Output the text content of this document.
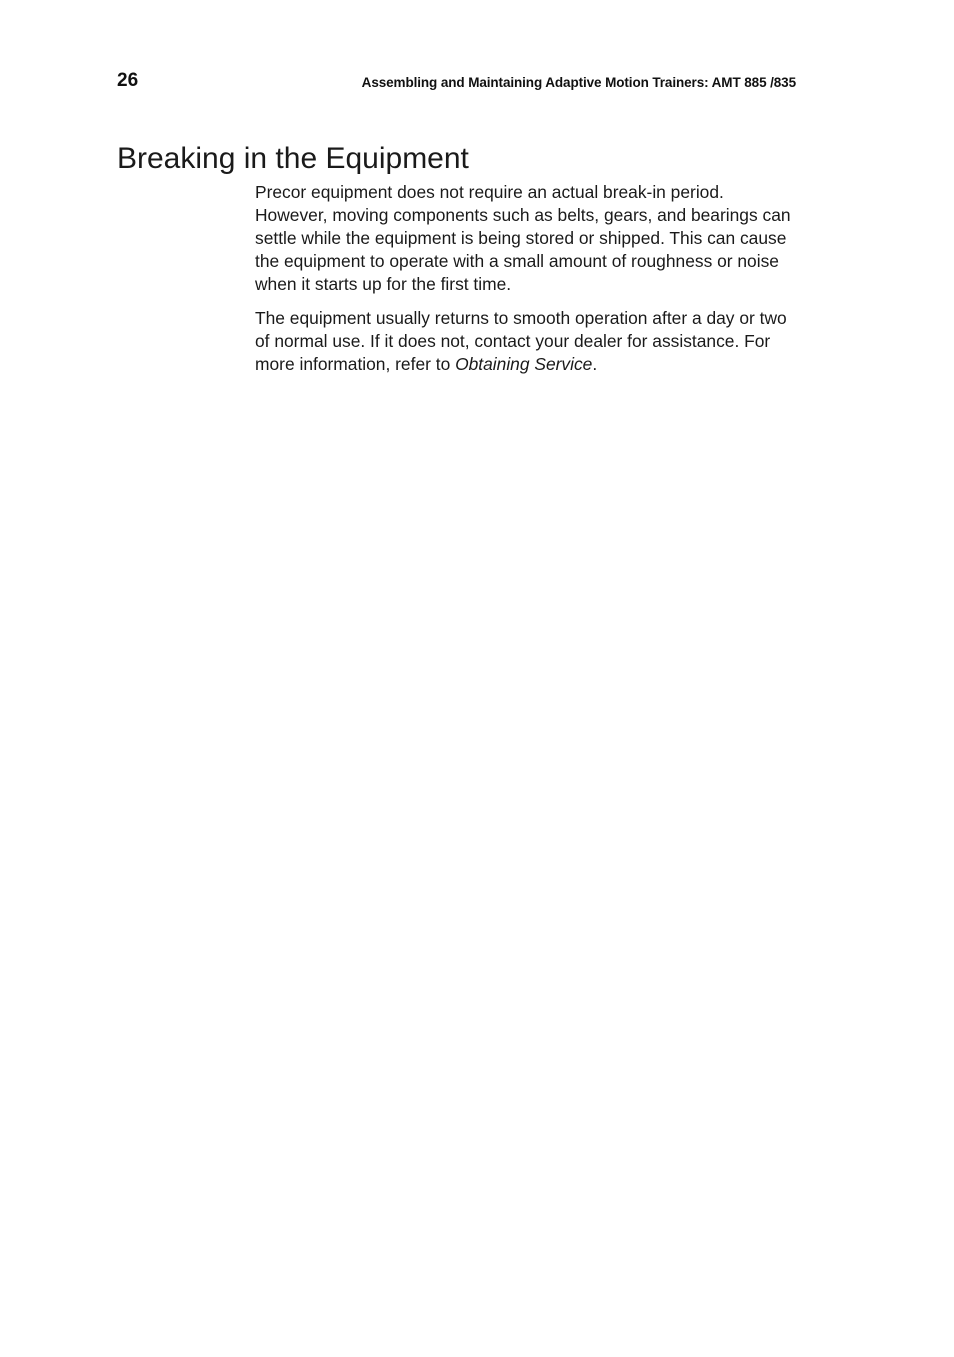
26	Assembling and Maintaining Adaptive Motion Trainers: AMT 885 /835
Breaking in the Equipment

Precor equipment does not require an actual break-in period. However, moving components such as belts, gears, and bearings can settle while the equipment is being stored or shipped. This can cause the equipment to operate with a small amount of roughness or noise when it starts up for the first time.

The equipment usually returns to smooth operation after a day or two of normal use. If it does not, contact your dealer for assistance. For more information, refer to Obtaining Service.
